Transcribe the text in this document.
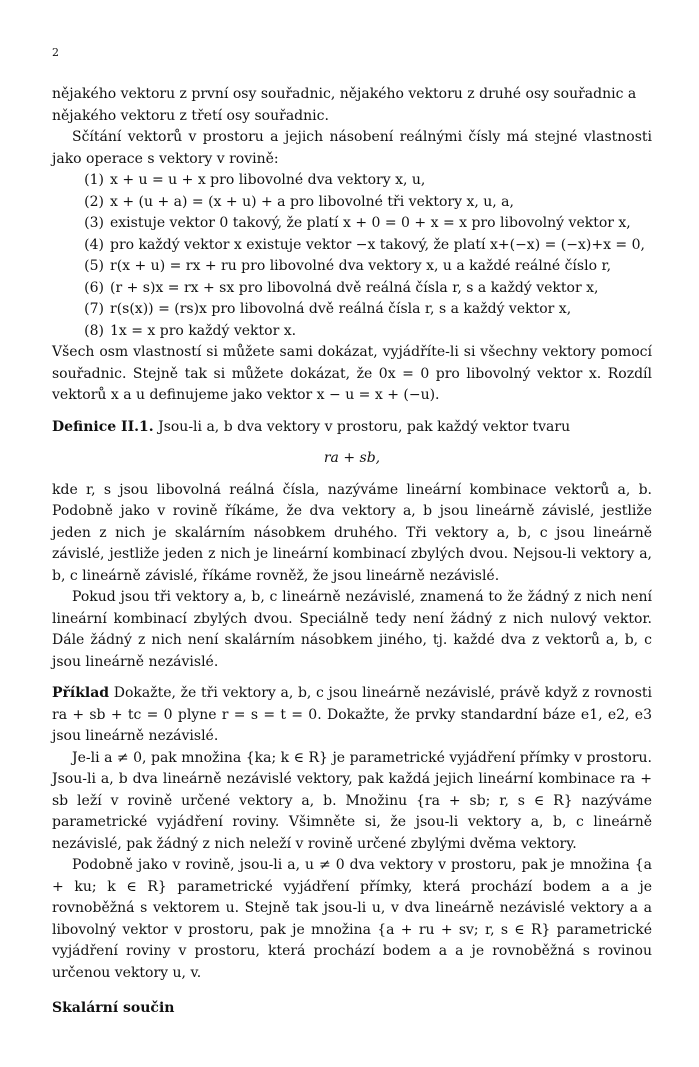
2

nějakého vektoru z první osy souřadnic, nějakého vektoru z druhé osy souřadnic a

nějakého vektoru z třetí osy souřadnic.

Sčítání vektorů v prostoru a jejich násobení reálnými čísly má stejné vlastnosti jako operace s vektory v rovině:

(1) x + u = u + x pro libovolné dva vektory x, u,
(2) x + (u + a) = (x + u) + a pro libovolné tři vektory x, u, a,
(3) existuje vektor 0 takový, že platí x + 0 = 0 + x = x pro libovolný vektor x,
(4) pro každý vektor x existuje vektor −x takový, že platí x+(−x) = (−x)+x = 0,
(5) r(x + u) = rx + ru pro libovolné dva vektory x, u a každé reálné číslo r,
(6) (r + s)x = rx + sx pro libovolná dvě reálná čísla r, s a každý vektor x,
(7) r(s(x)) = (rs)x pro libovolná dvě reálná čísla r, s a každý vektor x,
(8) 1x = x pro každý vektor x.

Všech osm vlastností si můžete sami dokázat, vyjádříte-li si všechny vektory pomocí souřadnic. Stejně tak si můžete dokázat, že 0x = 0 pro libovolný vektor x. Rozdíl vektorů x a u definujeme jako vektor x − u = x + (−u).

Definice II.1. Jsou-li a, b dva vektory v prostoru, pak každý vektor tvaru

ra + sb,

kde r, s jsou libovolná reálná čísla, nazýváme lineární kombinace vektorů a, b. Podobně jako v rovině říkáme, že dva vektory a, b jsou lineárně závislé, jestliže jeden z nich je skalárním násobkem druhého. Tři vektory a, b, c jsou lineárně závislé, jestliže jeden z nich je lineární kombinací zbylých dvou. Nejsou-li vektory a, b, c lineárně závislé, říkáme rovněž, že jsou lineárně nezávislé.

Pokud jsou tři vektory a, b, c lineárně nezávislé, znamená to že žádný z nich není lineární kombinací zbylých dvou. Speciálně tedy není žádný z nich nulový vektor. Dále žádný z nich není skalárním násobkem jiného, tj. každé dva z vektorů a, b, c jsou lineárně nezávislé.

Příklad Dokažte, že tři vektory a, b, c jsou lineárně nezávislé, právě když z rovnosti ra + sb + tc = 0 plyne r = s = t = 0. Dokažte, že prvky standardní báze e1, e2, e3 jsou lineárně nezávislé.

Je-li a ≠ 0, pak množina {ka; k ∈ R} je parametrické vyjádření přímky v prostoru. Jsou-li a, b dva lineárně nezávislé vektory, pak každá jejich lineární kombinace ra + sb leží v rovině určené vektory a, b. Množinu {ra + sb; r, s ∈ R} nazýváme parametrické vyjádření roviny. Všimněte si, že jsou-li vektory a, b, c lineárně nezávislé, pak žádný z nich neleží v rovině určené zbylými dvěma vektory.

Podobně jako v rovině, jsou-li a, u ≠ 0 dva vektory v prostoru, pak je množina {a + ku; k ∈ R} parametrické vyjádření přímky, která prochází bodem a a je rovnoběžná s vektorem u. Stejně tak jsou-li u, v dva lineárně nezávislé vektory a a libovolný vektor v prostoru, pak je množina {a + ru + sv; r, s ∈ R} parametrické vyjádření roviny v prostoru, která prochází bodem a a je rovnoběžná s rovinou určenou vektory u, v.

Skalární součin
